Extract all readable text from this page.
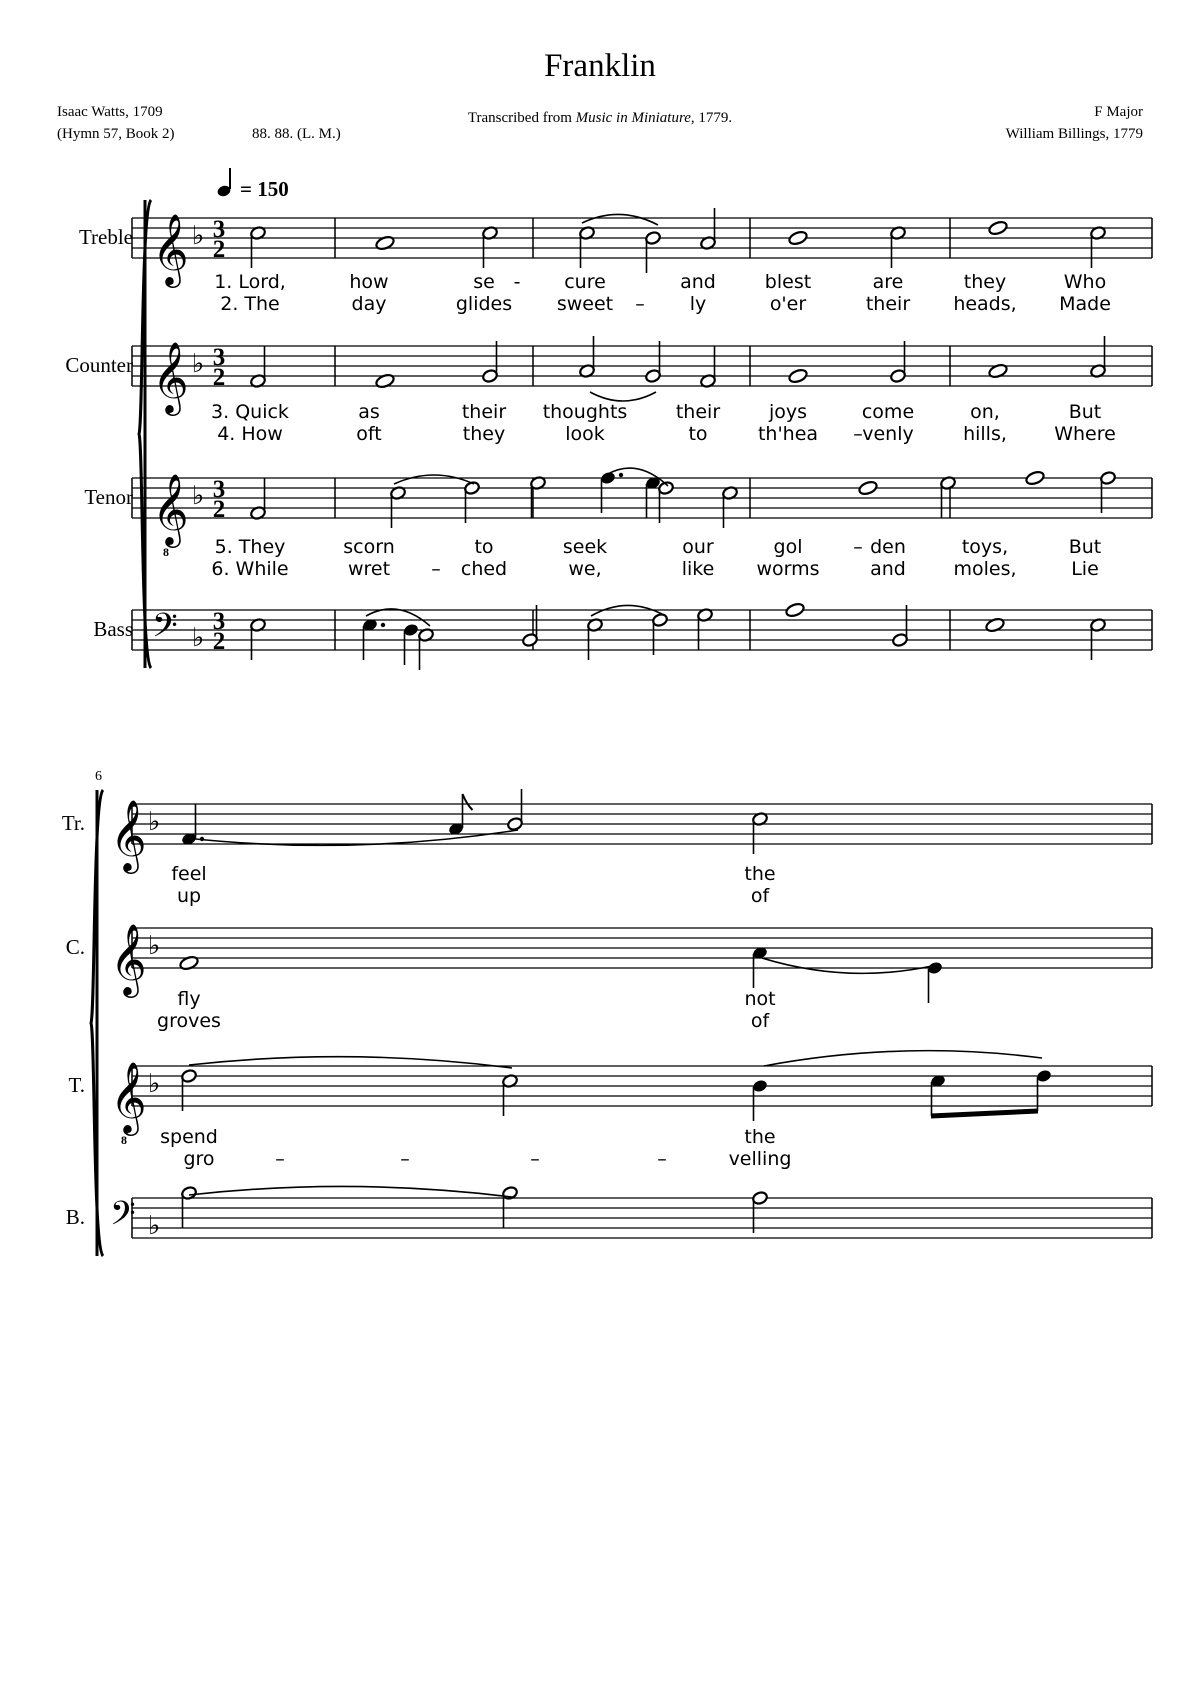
Franklin
Isaac Watts, 1709
(Hymn 57, Book 2)	88. 88. (L. M.)
Transcribed from Music in Miniature, 1779.	F Major
William Billings, 1779
Treble 𝄞 ♭ 3
2
Counter 𝄞 ♭ 3
2
Tenor 𝄞
8
♭ 3
2
Bass 𝄢 ♭
3
2
Tr. 𝄞 ♭
C. 𝄞 ♭
T. 𝄞
8
♭
B. 𝄢 ♭
= 150
6
1. Lord,	how	se - cure	and	blest	are	they	Who
2. The	day	glides sweet – ly	o'er	their heads, Made
3. Quick	as	their thoughts	their	joys	come	on,	But
4. How	oft	they	look	to	th'hea – venly	hills, Where
5. They	scorn	to	seek	our	gol	– den	toys,	But
6. While	wret – ched	we,	like worms	and	moles,	Lie
feel	the
up	of
fly	not
groves	of
spend	the
gro	–	–	–	–	velling
